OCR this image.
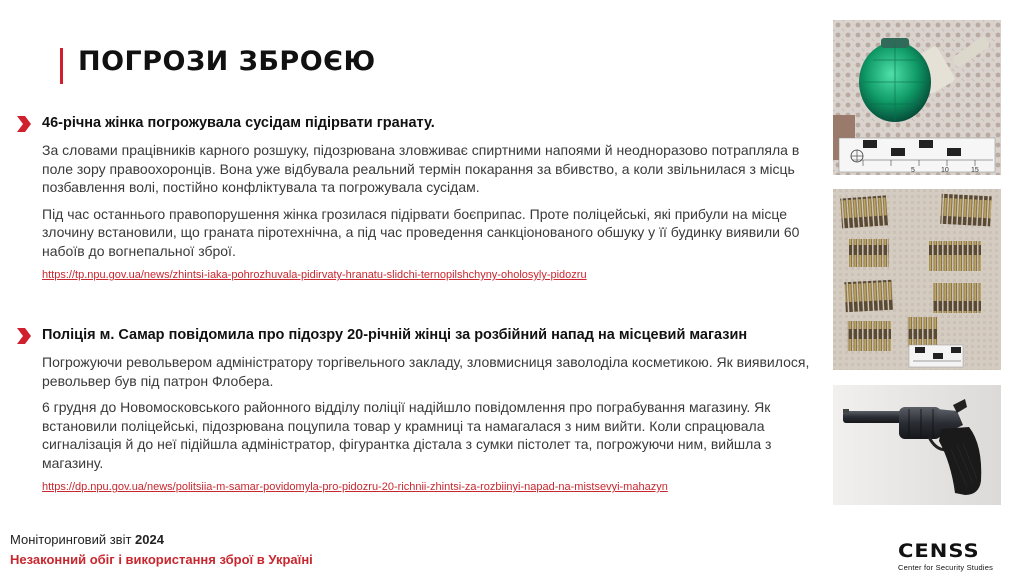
ПОГРОЗИ ЗБРОЄЮ

46-річна жінка погрожувала сусідам підірвати гранату.

За словами працівників карного розшуку, підозрювана зловживає спиртними напоями й неодноразово потрапляла в поле зору правоохоронців. Вона уже відбувала реальний термін покарання за вбивство, а коли звільнилася з місць позбавлення волі, постійно конфліктувала та погрожувала сусідам.

Під час останнього правопорушення жінка грозилася підірвати боєприпас. Проте поліцейські, які прибули на місце злочину встановили, що граната піротехнічна, а під час проведення санкціонованого обшуку у її будинку виявили 60 набоїв до вогнепальної зброї.

https://tp.npu.gov.ua/news/zhintsi-iaka-pohrozhuvala-pidirvaty-hranatu-slidchi-ternopilshchyny-oholosyly-pidozru

Поліція м. Самар повідомила про підозру 20-річній жінці за розбійний напад на місцевий магазин

Погрожуючи револьвером адміністратору торгівельного закладу, зловмисниця заволоділа косметикою. Як виявилося, револьвер був під патрон Флобера.

6 грудня до Новомосковського районного відділу поліції надійшло повідомлення про пограбування магазину. Як встановили поліцейські, підозрювана поцупила товар у крамниці та намагалася з ним вийти. Коли спрацювала сигналізація й до неї підійшла адміністратор, фігурантка дістала з сумки пістолет та, погрожуючи ним, вийшла з магазину.

https://dp.npu.gov.ua/news/politsiia-m-samar-povidomyla-pro-pidozru-20-richnii-zhintsi-za-rozbiinyi-napad-na-mistsevyi-mahazyn
5	10	15
Моніторинговий звіт 2024
Незаконний обіг і використання зброї в Україні	CENSS
Center for Security Studies
